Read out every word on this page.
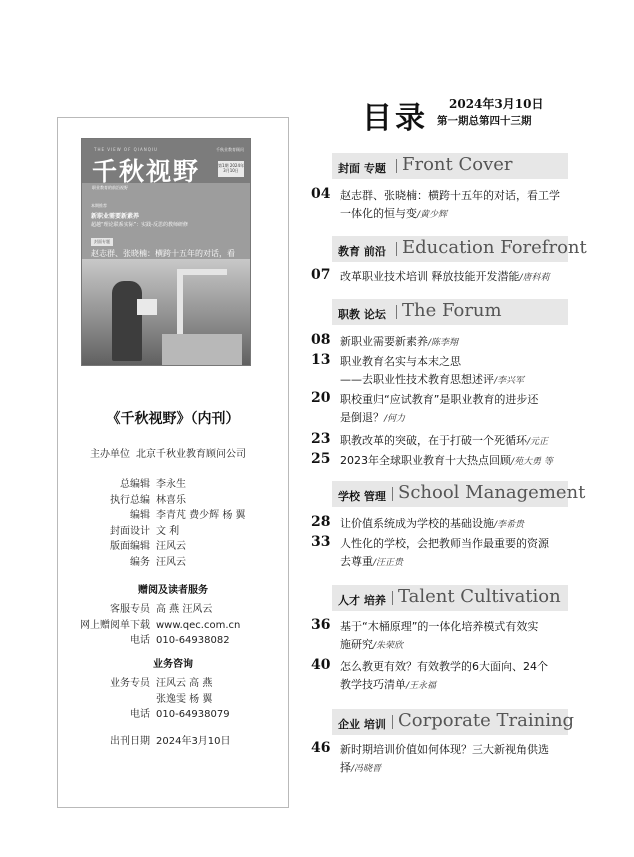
THE VIEW OF QIANQIU
千秋视野
千秋业教育顾问
第1期 2024年3月10日
职业教育的前沿视野
本期推荐
新职业需要新素养
超越“理论联系实际”：实践-反思的教师研修
封面专题
赵志群、张晓楠：横跨十五年的对话，看
《千秋视野》（内刊）
主办单位 北京千秋业教育顾问公司
总编辑 李永生
执行总编 林喜乐
编辑 李青芃 费少辉 杨 翼
封面设计 文 利
版面编辑 汪风云
编务 汪风云
赠阅及读者服务
客服专员 高 燕 汪风云
网上赠阅单下载 www.qec.com.cn
电话 010-64938082
业务咨询
业务专员 汪风云 高 燕
张逸雯 杨 翼
电话 010-64938079
出刊日期 2024年3月10日
目录 2024年3月10日
第一期总第四十三期
封面 专题 Front Cover
04 赵志群、张晓楠：横跨十五年的对话，看工学
一体化的恒与变/黄少辉
教育 前沿 Education Forefront
07 改革职业技术培训 释放技能开发潜能/唐科莉
职教 论坛 The Forum
08 新职业需要新素养/陈李翔
13 职业教育名实与本末之思
——去职业性技术教育思想述评/李兴军
20 职校重归“应试教育”是职业教育的进步还
是倒退？/何力
23 职教改革的突破，在于打破一个死循环/元正
25 2023年全球职业教育十大热点回顾/苑大勇 等
学校 管理 School Management
28 让价值系统成为学校的基础设施/李希贵
33 人性化的学校，会把教师当作最重要的资源
去尊重/汪正贵
人才 培养 Talent Cultivation
36 基于“木桶原理”的一体化培养模式有效实
施研究/朱荣欣
40 怎么教更有效？有效教学的6大面向、24个
教学技巧清单/王永福
企业 培训 Corporate Training
46 新时期培训价值如何体现？三大新视角供选
择/冯晓晋
